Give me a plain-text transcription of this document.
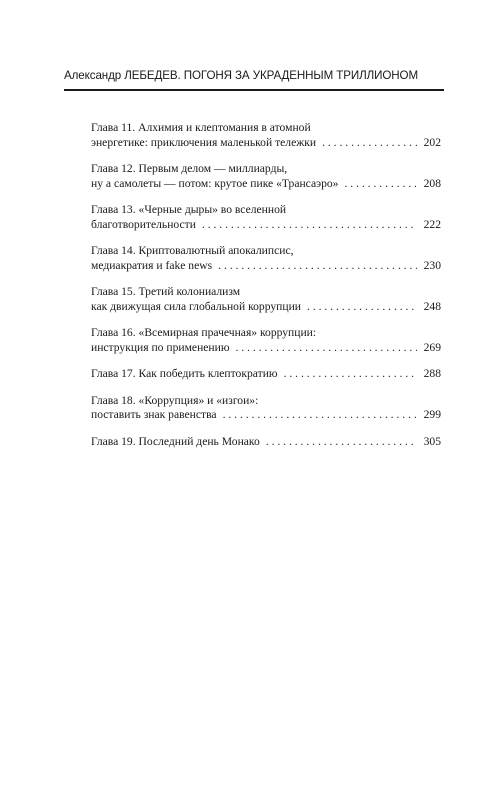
Александр ЛЕБЕДЕВ. ПОГОНЯ ЗА УКРАДЕННЫМ ТРИЛЛИОНОМ
Глава 11. Алхимия и клептомания в атомной
энергетике: приключения маленькой тележки . . .	202
Глава 12. Первым делом — миллиарды,
ну а самолеты — потом: крутое пике «Трансаэро» . . .	208
Глава 13. «Черные дыры» во вселенной
благотворительности . . .	222
Глава 14. Криптовалютный апокалипсис,
медиакратия и fake news . . .	230
Глава 15. Третий колониализм
как движущая сила глобальной коррупции . . .	248
Глава 16. «Всемирная прачечная» коррупции:
инструкция по применению . . .	269
Глава 17. Как победить клептократию . . .	288
Глава 18. «Коррупция» и «изгои»:
поставить знак равенства . . .	299
Глава 19. Последний день Монако . . .	305
